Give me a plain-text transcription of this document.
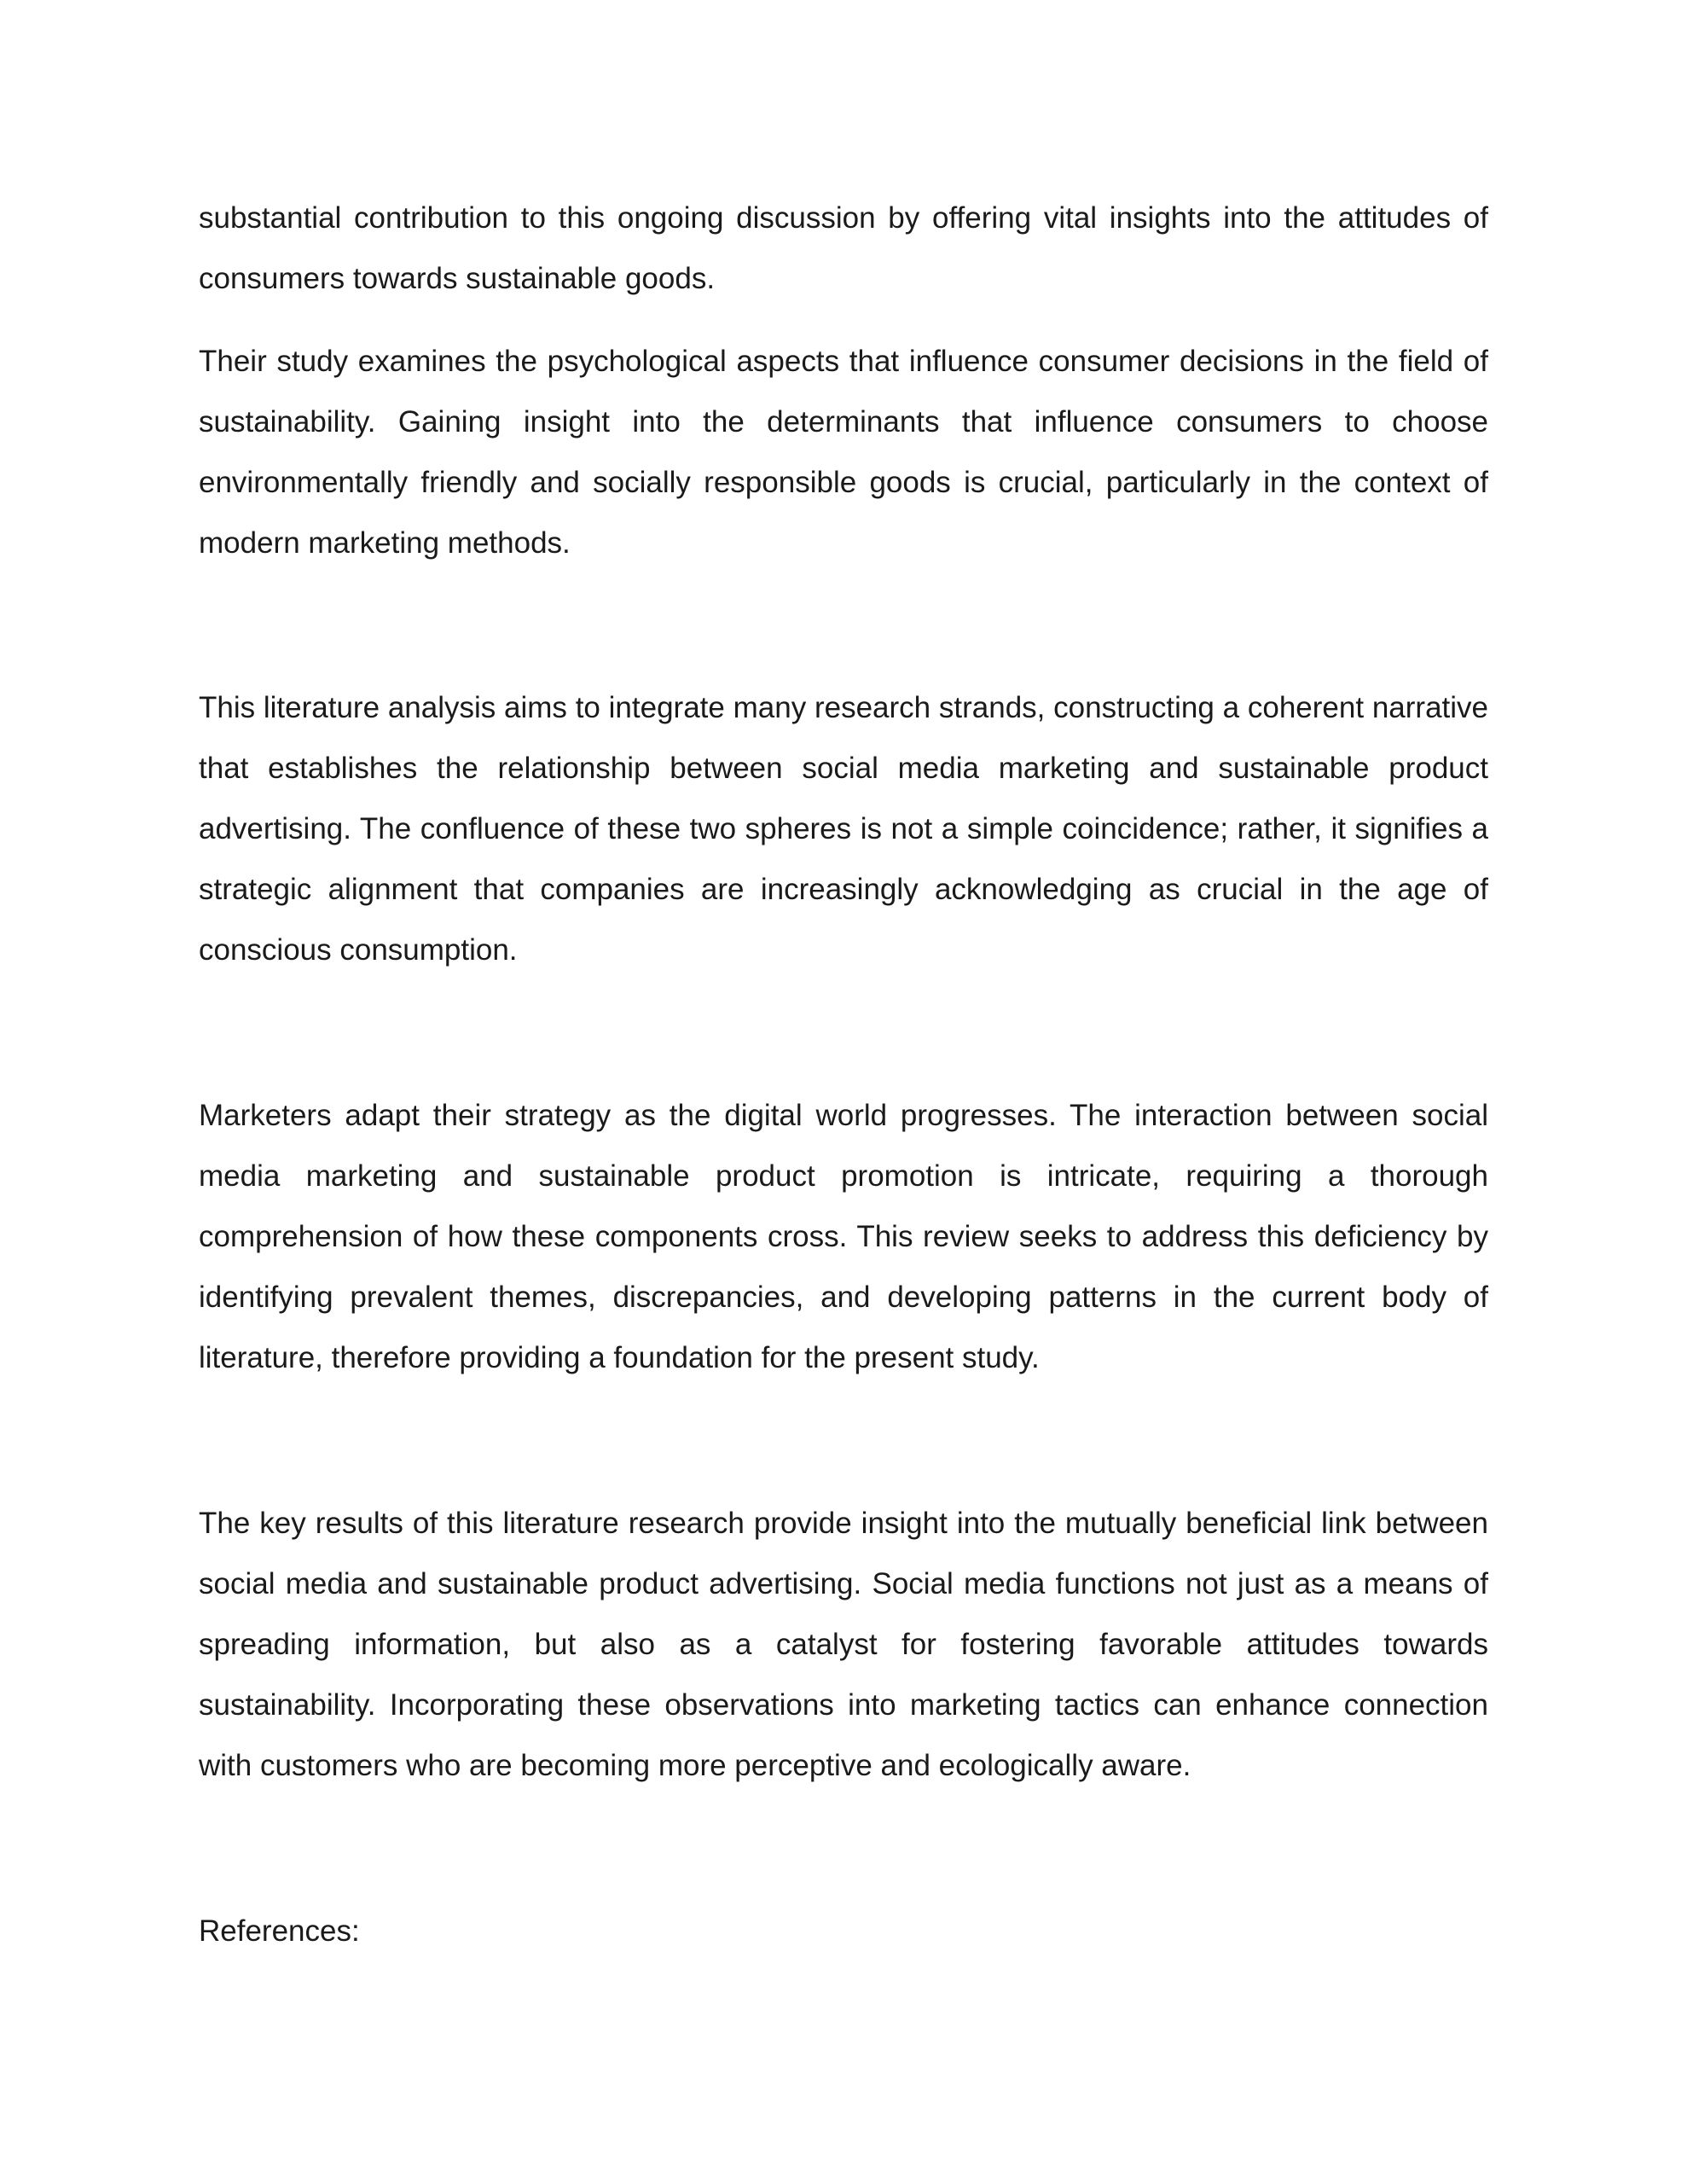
substantial contribution to this ongoing discussion by offering vital insights into the attitudes of consumers towards sustainable goods.

Their study examines the psychological aspects that influence consumer decisions in the field of sustainability. Gaining insight into the determinants that influence consumers to choose environmentally friendly and socially responsible goods is crucial, particularly in the context of modern marketing methods.

This literature analysis aims to integrate many research strands, constructing a coherent narrative that establishes the relationship between social media marketing and sustainable product advertising. The confluence of these two spheres is not a simple coincidence; rather, it signifies a strategic alignment that companies are increasingly acknowledging as crucial in the age of conscious consumption.

Marketers adapt their strategy as the digital world progresses. The interaction between social media marketing and sustainable product promotion is intricate, requiring a thorough comprehension of how these components cross. This review seeks to address this deficiency by identifying prevalent themes, discrepancies, and developing patterns in the current body of literature, therefore providing a foundation for the present study.

The key results of this literature research provide insight into the mutually beneficial link between social media and sustainable product advertising. Social media functions not just as a means of spreading information, but also as a catalyst for fostering favorable attitudes towards sustainability. Incorporating these observations into marketing tactics can enhance connection with customers who are becoming more perceptive and ecologically aware.

References:
